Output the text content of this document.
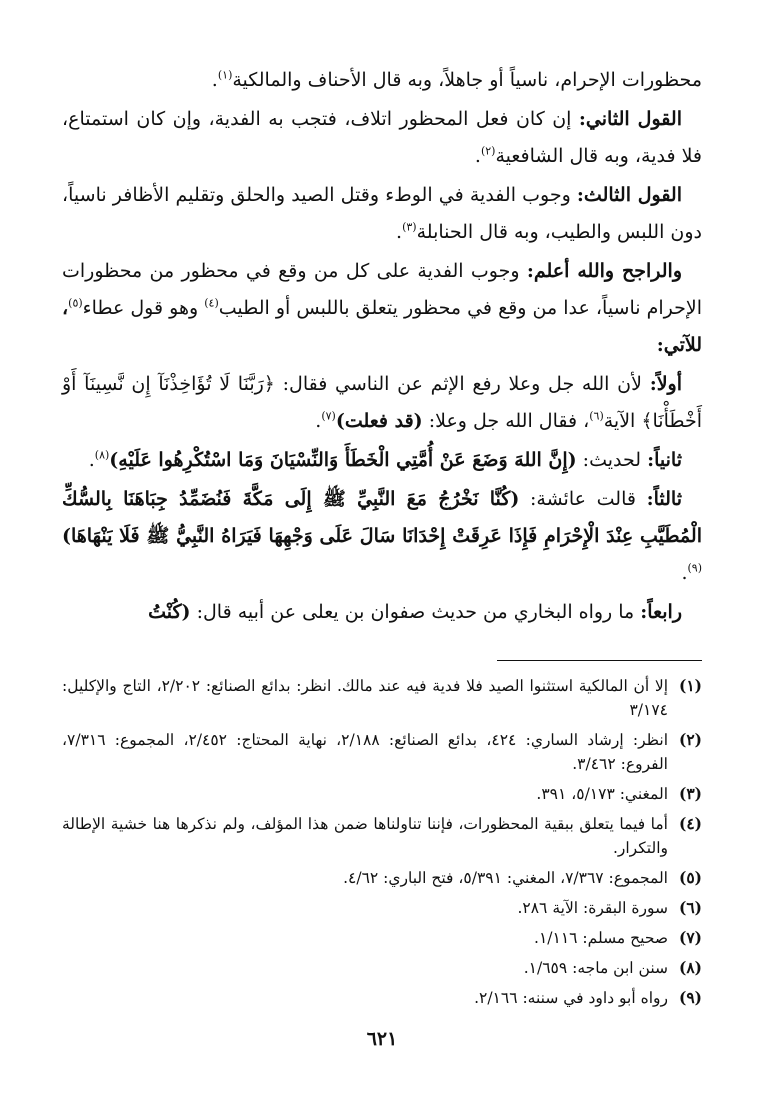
محظورات الإحرام، ناسياً أو جاهلاً، وبه قال الأحناف والمالكية$^{(١)}$.

القول الثاني: إن كان فعل المحظور اتلاف، فتجب به الفدية، وإن كان استمتاع، فلا فدية، وبه قال الشافعية$^{(٢)}$.

القول الثالث: وجوب الفدية في الوطء وقتل الصيد والحلق وتقليم الأظافر ناسياً، دون اللبس والطيب، وبه قال الحنابلة$^{(٣)}$.

والراجح والله أعلم: وجوب الفدية على كل من وقع في محظور من محظورات الإحرام ناسياً، عدا من وقع في محظور يتعلق باللبس أو الطيب$^{(٤)}$ وهو قول عطاء$^{(٥)}$، للآتي:

أولاً: لأن الله جل وعلا رفع الإثم عن الناسي فقال: ﴿رَبَّنَا لَا تُؤَاخِذْنَآ إِن نَّسِينَآ أَوْ أَخْطَأْنَا﴾ الآية$^{(٦)}$، فقال الله جل وعلا: (قد فعلت)$^{(٧)}$.

ثانياً: لحديث: (إِنَّ اللهَ وَضَعَ عَنْ أُمَّتِي الْخَطَأَ وَالنِّسْيَانَ وَمَا اسْتُكْرِهُوا عَلَيْهِ)$^{(٨)}$.

ثالثاً: قالت عائشة: (كُنَّا نَخْرُجُ مَعَ النَّبِيِّ ﷺ إِلَى مَكَّةَ فَنُضَمِّدُ جِبَاهَنَا بِالسُّكِّ الْمُطَيَّبِ عِنْدَ الْإِحْرَامِ فَإِذَا عَرِقَتْ إِحْدَانَا سَالَ عَلَى وَجْهِهَا فَيَرَاهُ النَّبِيُّ ﷺ فَلَا يَنْهَاهَا)$^{(٩)}$.

رابعاً: ما رواه البخاري من حديث صفوان بن يعلى عن أبيه قال: (كُنْتُ

(١)
إلا أن المالكية استثنوا الصيد فلا فدية فيه عند مالك. انظر: بدائع الصنائع: ٢/٢٠٢، التاج والإكليل: ٣/١٧٤
(٢)
انظر: إرشاد الساري: ٤٢٤، بدائع الصنائع: ٢/١٨٨، نهاية المحتاج: ٢/٤٥٢، المجموع: ٧/٣١٦، الفروع: ٣/٤٦٢.
(٣)
المغني: ٥/١٧٣، ٣٩١.
(٤)
أما فيما يتعلق ببقية المحظورات، فإننا تناولناها ضمن هذا المؤلف، ولم نذكرها هنا خشية الإطالة والتكرار.
(٥)
المجموع: ٧/٣٦٧، المغني: ٥/٣٩١، فتح الباري: ٤/٦٢.
(٦)
سورة البقرة: الآية ٢٨٦.
(٧)
صحيح مسلم: ١/١١٦.
(٨)
سنن ابن ماجه: ١/٦٥٩.
(٩)
رواه أبو داود في سننه: ٢/١٦٦.
٦٢١
